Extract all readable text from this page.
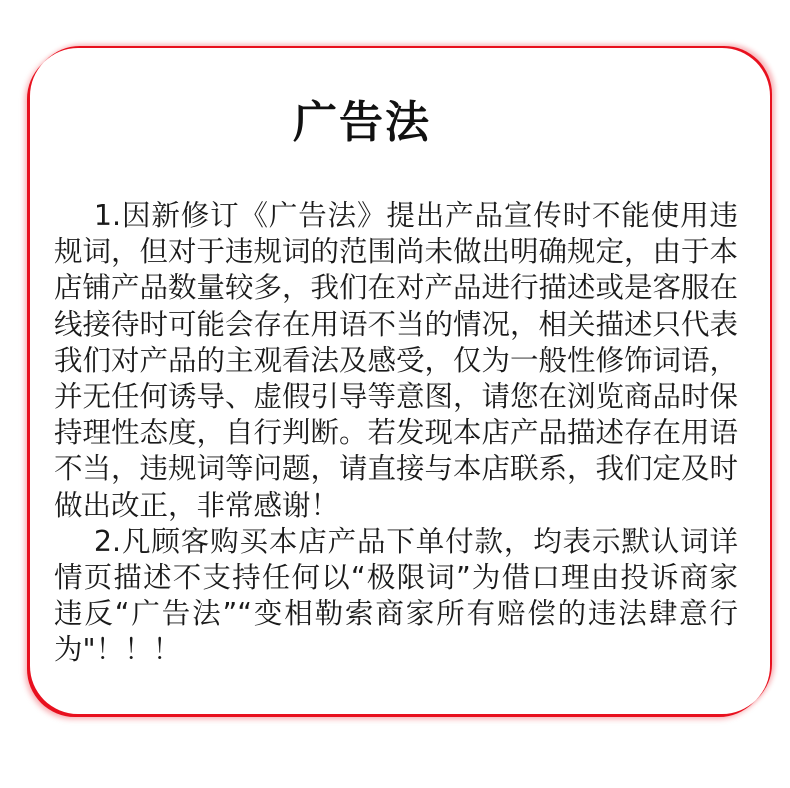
广告法

1.因新修订《广告法》提出产品宣传时不能使用违规词，但对于违规词的范围尚未做出明确规定，由于本店铺产品数量较多，我们在对产品进行描述或是客服在线接待时可能会存在用语不当的情况，相关描述只代表我们对产品的主观看法及感受，仅为一般性修饰词语，并无任何诱导、虚假引导等意图，请您在浏览商品时保持理性态度，自行判断。若发现本店产品描述存在用语不当，违规词等问题，请直接与本店联系，我们定及时做出改正，非常感谢！

2.凡顾客购买本店产品下单付款，均表示默认词详情页描述不支持任何以“极限词”为借口理由投诉商家违反“广告法”“变相勒索商家所有赔偿的违法肆意行为"！！！
